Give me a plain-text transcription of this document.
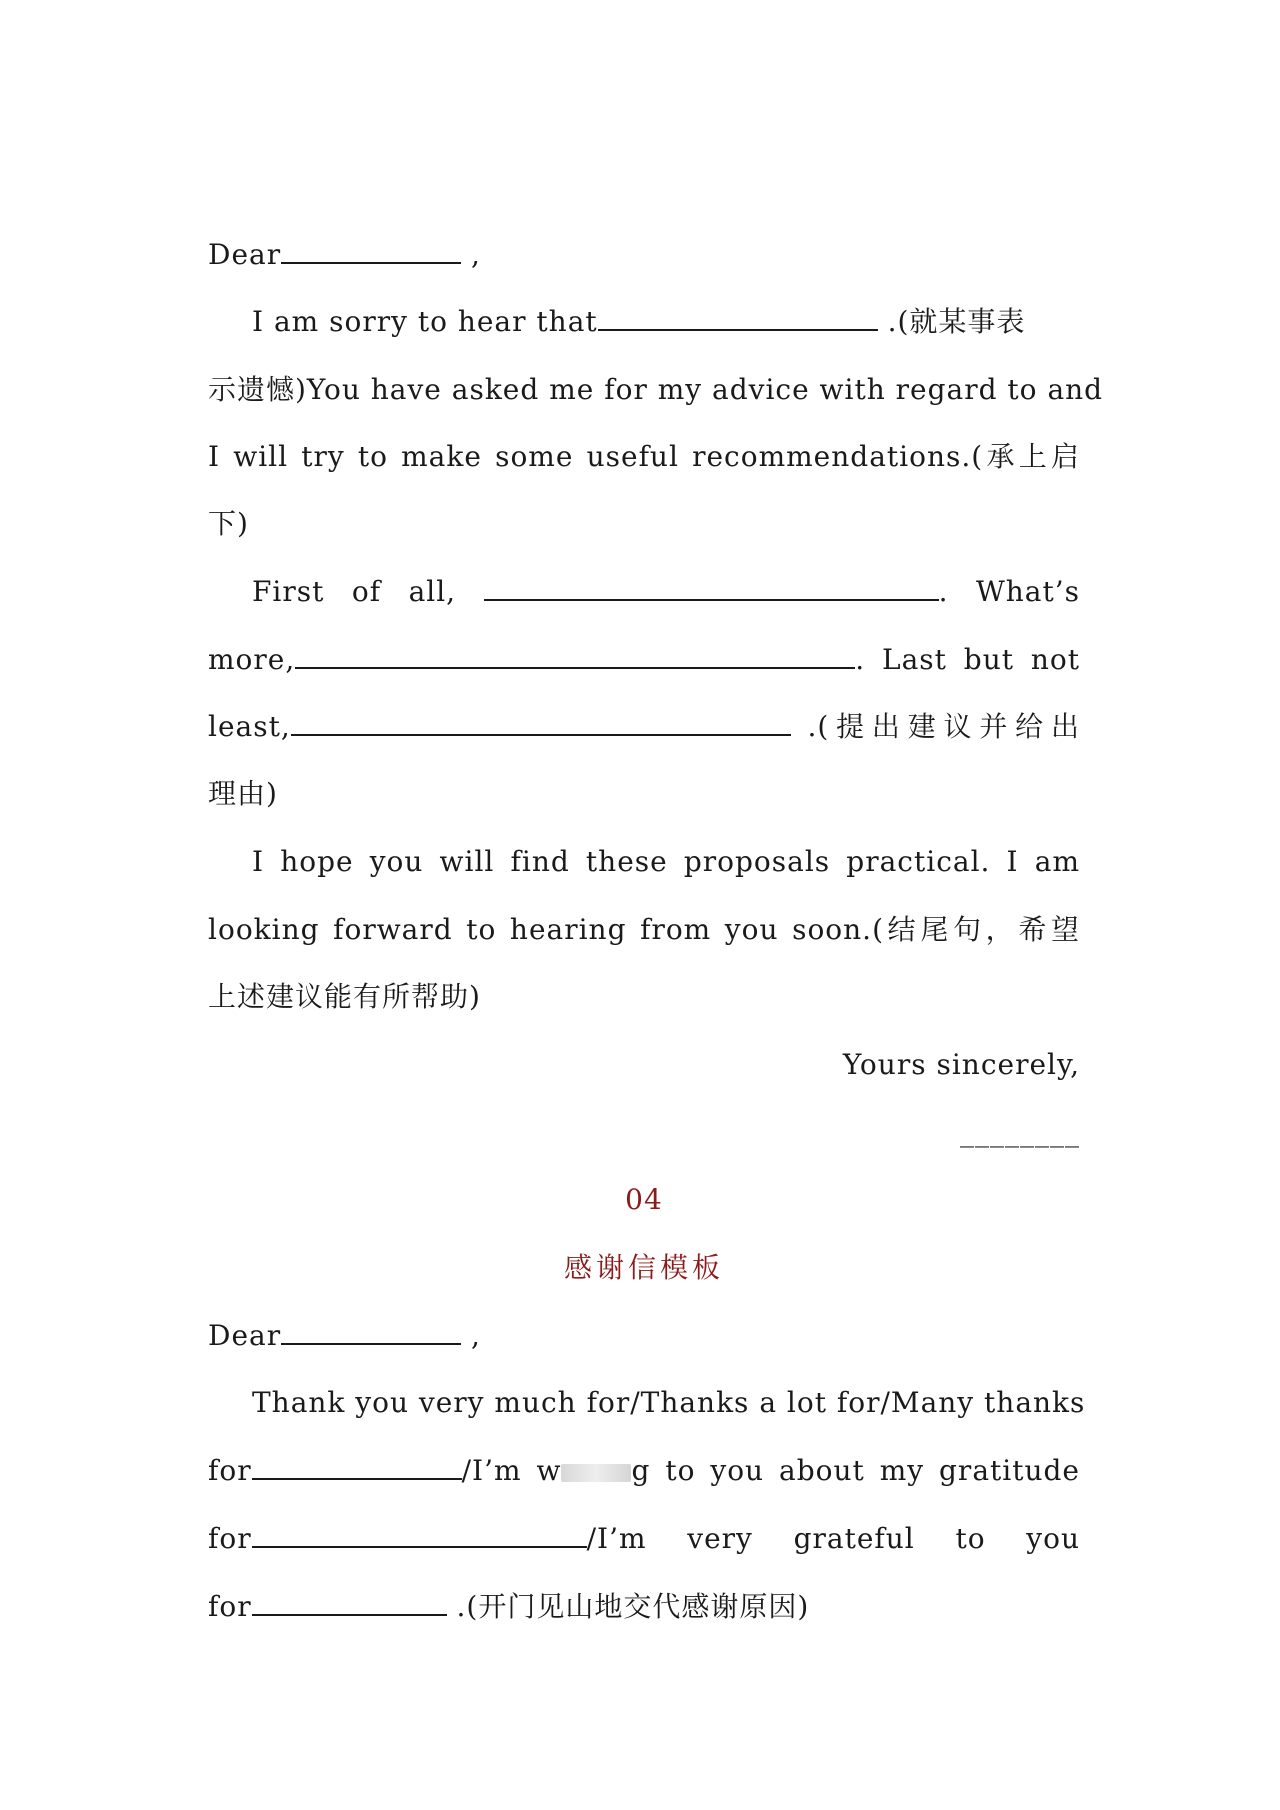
Dear	,
I am sorry to hear that	.(就某事表
示遗憾)You have asked me for my advice with regard to and
I will try to make some useful recommendations.(承上启
下)
First of all,	. What’s
more,	. Last but not
least,	.(提出建议并给出
理由)
I hope you will find these proposals practical. I am
looking forward to hearing from you soon.(结尾句，希望
上述建议能有所帮助)
Yours sincerely,
________
04
感谢信模板
Dear	,
Thank you very much for/Thanks a lot for/Many thanks
for	/I’m w	g to you about my gratitude
for	/I’m very grateful to you
for	.(开门见山地交代感谢原因)
